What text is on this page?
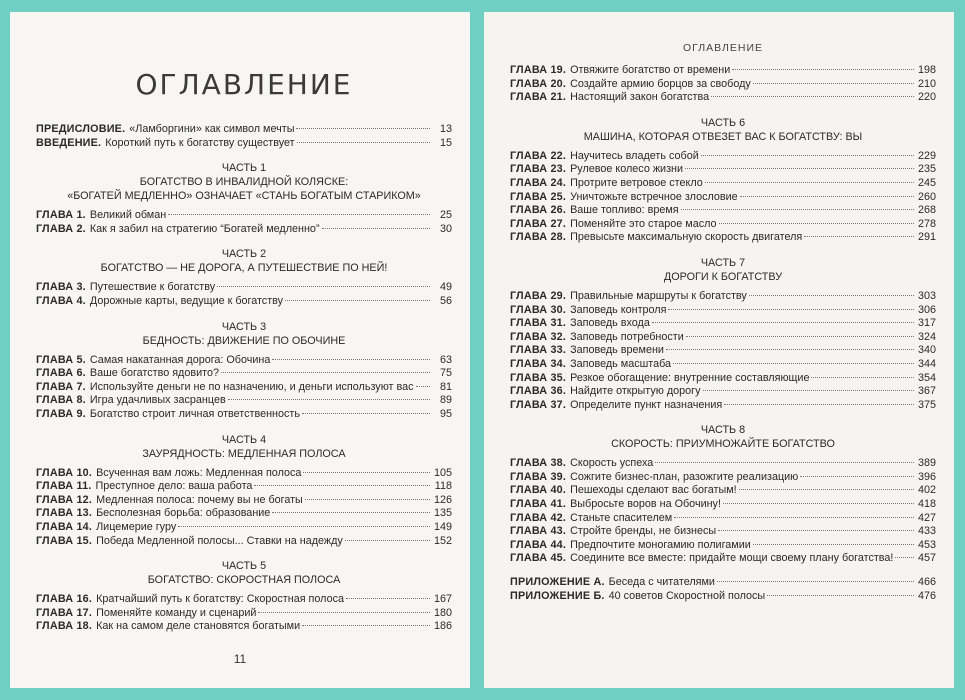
ОГЛАВЛЕНИЕ
ПРЕДИСЛОВИЕ. «Ламборгини» как символ мечты	13
ВВЕДЕНИЕ. Короткий путь к богатству существует	15
ЧАСТЬ 1
БОГАТСТВО В ИНВАЛИДНОЙ КОЛЯСКЕ:
«БОГАТЕЙ МЕДЛЕННО» ОЗНАЧАЕТ «СТАНЬ БОГАТЫМ СТАРИКОМ»
ГЛАВА 1. Великий обман	25
ГЛАВА 2. Как я забил на стратегию “Богатей медленно”	30
ЧАСТЬ 2
БОГАТСТВО — НЕ ДОРОГА, А ПУТЕШЕСТВИЕ ПО НЕЙ!
ГЛАВА 3. Путешествие к богатству	49
ГЛАВА 4. Дорожные карты, ведущие к богатству	56
ЧАСТЬ 3
БЕДНОСТЬ: ДВИЖЕНИЕ ПО ОБОЧИНЕ
ГЛАВА 5. Самая накатанная дорога: Обочина	63
ГЛАВА 6. Ваше богатство ядовито?	75
ГЛАВА 7. Используйте деньги не по назначению, и деньги используют вас	81
ГЛАВА 8. Игра удачливых засранцев	89
ГЛАВА 9. Богатство строит личная ответственность	95
ЧАСТЬ 4
ЗАУРЯДНОСТЬ: МЕДЛЕННАЯ ПОЛОСА
ГЛАВА 10. Всученная вам ложь: Медленная полоса	105
ГЛАВА 11. Преступное дело: ваша работа	118
ГЛАВА 12. Медленная полоса: почему вы не богаты	126
ГЛАВА 13. Бесполезная борьба: образование	135
ГЛАВА 14. Лицемерие гуру	149
ГЛАВА 15. Победа Медленной полосы... Ставки на надежду	152
ЧАСТЬ 5
БОГАТСТВО: СКОРОСТНАЯ ПОЛОСА
ГЛАВА 16. Кратчайший путь к богатству: Скоростная полоса	167
ГЛАВА 17. Поменяйте команду и сценарий	180
ГЛАВА 18. Как на самом деле становятся богатыми	186
11
ОГЛАВЛЕНИЕ
ГЛАВА 19. Отвяжите богатство от времени	198
ГЛАВА 20. Создайте армию борцов за свободу	210
ГЛАВА 21. Настоящий закон богатства	220
ЧАСТЬ 6
МАШИНА, КОТОРАЯ ОТВЕЗЕТ ВАС К БОГАТСТВУ: ВЫ
ГЛАВА 22. Научитесь владеть собой	229
ГЛАВА 23. Рулевое колесо жизни	235
ГЛАВА 24. Протрите ветровое стекло	245
ГЛАВА 25. Уничтожьте встречное злословие	260
ГЛАВА 26. Ваше топливо: время	268
ГЛАВА 27. Поменяйте это старое масло	278
ГЛАВА 28. Превысьте максимальную скорость двигателя	291
ЧАСТЬ 7
ДОРОГИ К БОГАТСТВУ
ГЛАВА 29. Правильные маршруты к богатству	303
ГЛАВА 30. Заповедь контроля	306
ГЛАВА 31. Заповедь входа	317
ГЛАВА 32. Заповедь потребности	324
ГЛАВА 33. Заповедь времени	340
ГЛАВА 34. Заповедь масштаба	344
ГЛАВА 35. Резкое обогащение: внутренние составляющие	354
ГЛАВА 36. Найдите открытую дорогу	367
ГЛАВА 37. Определите пункт назначения	375
ЧАСТЬ 8
СКОРОСТЬ: ПРИУМНОЖАЙТЕ БОГАТСТВО
ГЛАВА 38. Скорость успеха	389
ГЛАВА 39. Сожгите бизнес-план, разожгите реализацию	396
ГЛАВА 40. Пешеходы сделают вас богатым!	402
ГЛАВА 41. Выбросьте воров на Обочину!	418
ГЛАВА 42. Станьте спасителем	427
ГЛАВА 43. Стройте бренды, не бизнесы	433
ГЛАВА 44. Предпочтите моногамию полигамии	453
ГЛАВА 45. Соедините все вместе: придайте мощи своему плану богатства! 457
ПРИЛОЖЕНИЕ А. Беседа с читателями	466
ПРИЛОЖЕНИЕ Б. 40 советов Скоростной полосы	476
